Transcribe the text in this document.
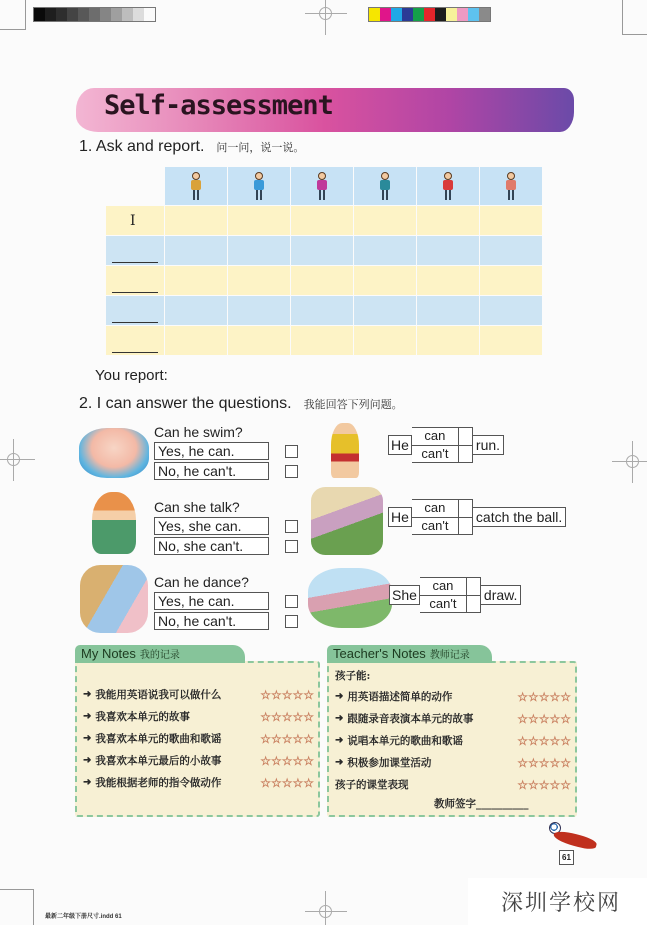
Self-assessment
1. Ask and report. 问一问，说一说。
I
You report:
2. I can answer the questions. 我能回答下列问题。
Can he swim?
Yes, he can.
No, he can't.
Can she talk?
Yes, she can.
No, she can't.
Can he dance?
Yes, he can.
No, he can't.
He
can
can't
run.
He
can
can't
catch the ball.
She
can
can't
draw.
My Notes 我的记录
➜ 我能用英语说我可以做什么	☆☆☆☆☆
➜ 我喜欢本单元的故事	☆☆☆☆☆
➜ 我喜欢本单元的歌曲和歌谣	☆☆☆☆☆
➜ 我喜欢本单元最后的小故事	☆☆☆☆☆
➜ 我能根据老师的指令做动作	☆☆☆☆☆
Teacher's Notes 教师记录
孩子能:
➜ 用英语描述简单的动作	☆☆☆☆☆
➜ 跟随录音表演本单元的故事	☆☆☆☆☆
➜ 说唱本单元的歌曲和歌谣	☆☆☆☆☆
➜ 积极参加课堂活动	☆☆☆☆☆
孩子的课堂表现	☆☆☆☆☆
教师签字__________
61
深圳学校网
最新二年级下册尺寸.indd 61
